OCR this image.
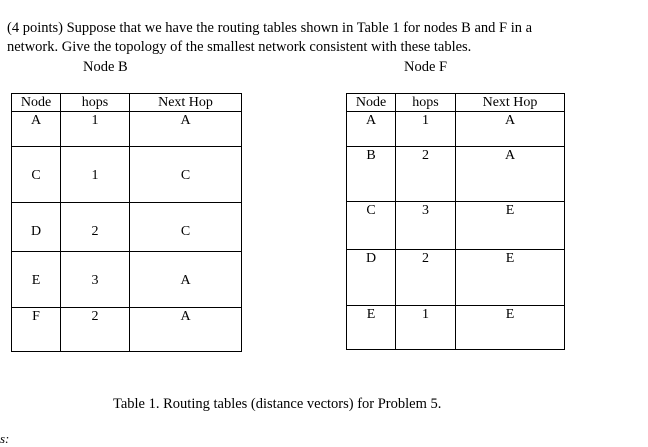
(4 points) Suppose that we have the routing tables shown in Table 1 for nodes B and F in a
network. Give the topology of the smallest network consistent with these tables.
Node B	Node F
Node	hops	Next Hop
A	1	A
C	1	C
D	2	C
E	3	A
F	2	A
Node	hops	Next Hop
A	1	A
B	2	A
C	3	E
D	2	E
E	1	E
Table 1. Routing tables (distance vectors) for Problem 5.
s:
